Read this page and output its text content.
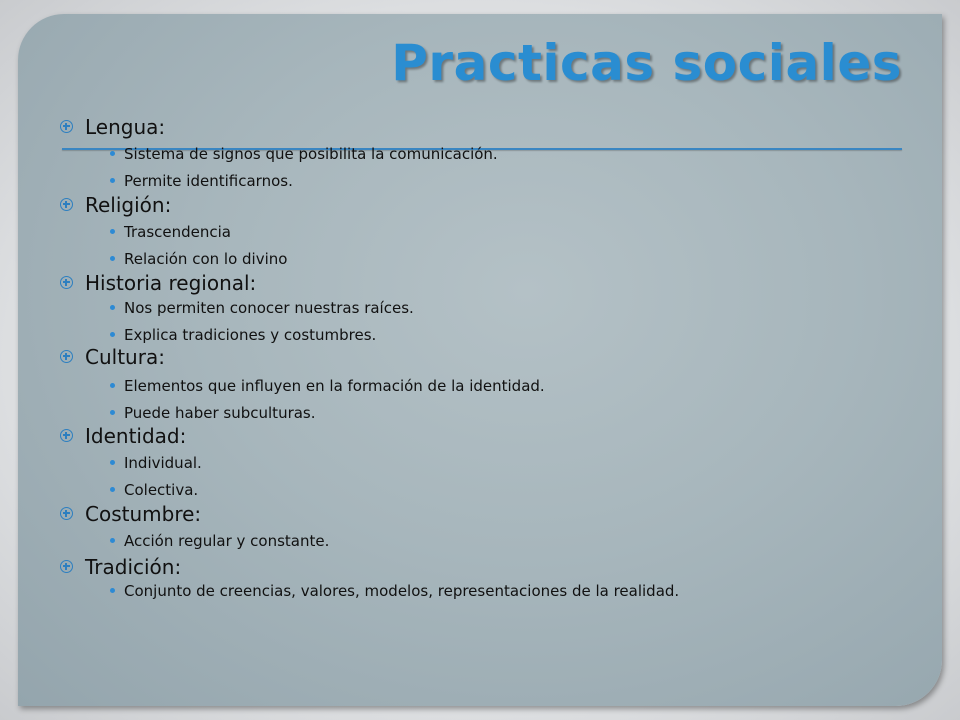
Practicas sociales
Lengua:
Sistema de signos que posibilita la comunicación.
Permite identificarnos.
Religión:
Trascendencia
Relación con lo divino
Historia regional:
Nos permiten conocer nuestras raíces.
Explica tradiciones y costumbres.
Cultura:
Elementos que influyen en la formación de la identidad.
Puede haber subculturas.
Identidad:
Individual.
Colectiva.
Costumbre:
Acción regular y constante.
Tradición:
Conjunto de creencias, valores, modelos, representaciones de la realidad.
